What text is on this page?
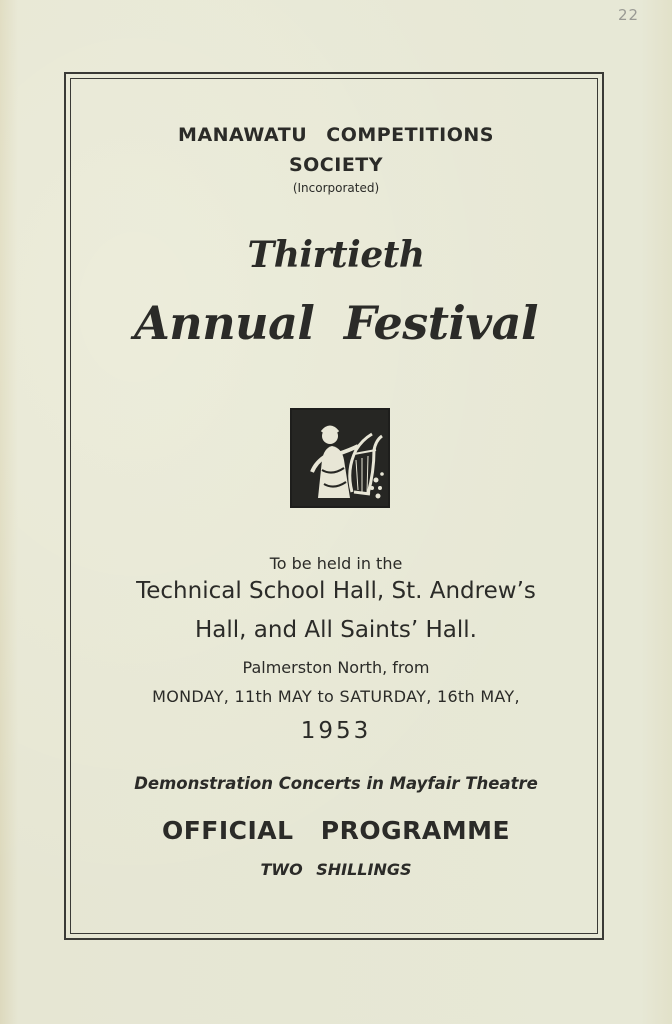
22
MANAWATU COMPETITIONS
SOCIETY
(Incorporated)
Thirtieth
Annual Festival
To be held in the
Technical School Hall, St. Andrew’s
Hall, and All Saints’ Hall.
Palmerston North, from
MONDAY, 11th MAY to SATURDAY, 16th MAY,
1953
Demonstration Concerts in Mayfair Theatre
OFFICIAL PROGRAMME
TWO SHILLINGS
